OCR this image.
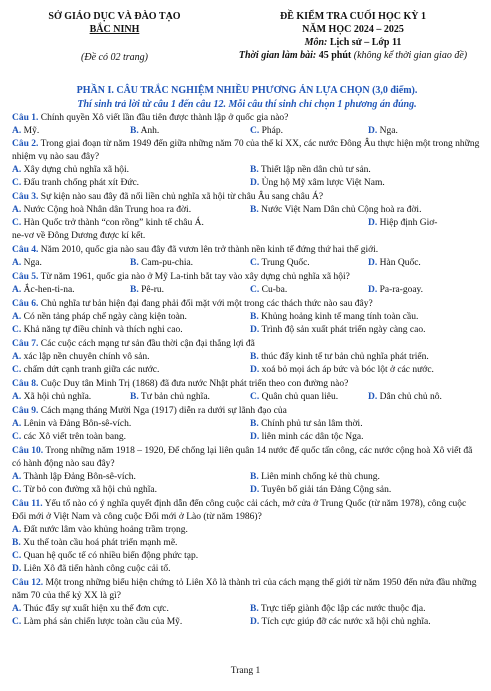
SỞ GIÁO DỤC VÀ ĐÀO TẠO
BẮC NINH
(Đề có 02 trang)
ĐỀ KIỂM TRA CUỐI HỌC KỲ 1
NĂM HỌC 2024 – 2025
Môn: Lịch sử – Lớp 11
Thời gian làm bài: 45 phút (không kể thời gian giao đề)
PHẦN I. CÂU TRẮC NGHIỆM NHIỀU PHƯƠNG ÁN LỰA CHỌN (3,0 điểm).
Thí sinh trả lời từ câu 1 đến câu 12. Mỗi câu thí sinh chỉ chọn 1 phương án đúng.
Câu 1. Chính quyền Xô viết lần đầu tiên được thành lập ở quốc gia nào?
A. Mỹ.	B. Anh.	C. Pháp.	D. Nga.
Câu 2. Trong giai đoạn từ năm 1949 đến giữa những năm 70 của thế kỉ XX, các nước Đông Âu thực hiện một trong những nhiệm vụ nào sau đây?
A. Xây dựng chủ nghĩa xã hội.	B. Thiết lập nền dân chủ tư sản.
C. Đấu tranh chống phát xít Đức.	D. Ủng hộ Mỹ xâm lược Việt Nam.
Câu 3. Sự kiện nào sau đây đã nối liền chủ nghĩa xã hội từ châu Âu sang châu Á?
A. Nước Cộng hoà Nhân dân Trung hoa ra đời.	B. Nước Việt Nam Dân chủ Cộng hoà ra đời.
C. Hàn Quốc trở thành “con rồng” kinh tế châu Á.	D. Hiệp định Giơ-
ne-vơ về Đông Dương được kí kết.
Câu 4. Năm 2010, quốc gia nào sau đây đã vươn lên trở thành nền kinh tế đứng thứ hai thế giới.
A. Nga.	B. Cam-pu-chia.	C. Trung Quốc.	D. Hàn Quốc.
Câu 5. Từ năm 1961, quốc gia nào ở Mỹ La-tinh bắt tay vào xây dựng chủ nghĩa xã hội?
A. Ắc-hen-ti-na.	B. Pê-ru.	C. Cu-ba.	D. Pa-ra-goay.
Câu 6. Chủ nghĩa tư bản hiện đại đang phải đối mặt với một trong các thách thức nào sau đây?
A. Có nền tảng pháp chế ngày càng kiện toàn.	B. Khủng hoảng kinh tế mang tính toàn cầu.
C. Khả năng tự điều chỉnh và thích nghi cao.	D. Trình độ sản xuất phát triển ngày càng cao.
Câu 7. Các cuộc cách mạng tư sản đầu thời cận đại thắng lợi đã
A. xác lập nền chuyên chính vô sản.	B. thúc đẩy kinh tế tư bản chủ nghĩa phát triển.
C. chấm dứt cạnh tranh giữa các nước.	D. xoá bỏ mọi ách áp bức và bóc lột ở các nước.
Câu 8. Cuộc Duy tân Minh Trị (1868) đã đưa nước Nhật phát triển theo con đường nào?
A. Xã hội chủ nghĩa.	B. Tư bản chủ nghĩa.	C. Quân chủ quan liêu.	D. Dân chủ chủ nô.
Câu 9. Cách mạng tháng Mười Nga (1917) diễn ra dưới sự lãnh đạo của
A. Lênin và Đảng Bôn-sê-vích.	B. Chính phủ tư sản lâm thời.
C. các Xô viết trên toàn bang.	D. liên minh các dân tộc Nga.
Câu 10. Trong những năm 1918 – 1920, Để chống lại liên quân 14 nước để quốc tấn công, các nước cộng hoà Xô viết đã có hành động nào sau đây?
A. Thành lập Đảng Bôn-sê-vích.	B. Liên minh chống kẻ thù chung.
C. Từ bỏ con đường xã hội chủ nghĩa.	D. Tuyên bố giải tán Đảng Cộng sản.
Câu 11. Yếu tố nào có ý nghĩa quyết định dẫn đến công cuộc cải cách, mở cửa ở Trung Quốc (từ năm 1978), công cuộc Đổi mới ở Việt Nam và công cuộc Đổi mới ở Lào (từ năm 1986)?
A. Đất nước lâm vào khủng hoảng trầm trọng.
B. Xu thế toàn cầu hoá phát triển mạnh mẽ.
C. Quan hệ quốc tế có nhiều biến động phức tạp.
D. Liên Xô đã tiến hành công cuộc cải tổ.
Câu 12. Một trong những biểu hiện chứng tỏ Liên Xô là thành trì của cách mạng thế giới từ năm 1950 đến nửa đầu những năm 70 của thế kỷ XX là gì?
A. Thúc đẩy sự xuất hiện xu thế đơn cực.	B. Trực tiếp giành độc lập các nước thuộc địa.
C. Làm phá sản chiến lược toàn cầu của Mỹ.	D. Tích cực giúp đỡ các nước xã hội chủ nghĩa.
Trang 1
